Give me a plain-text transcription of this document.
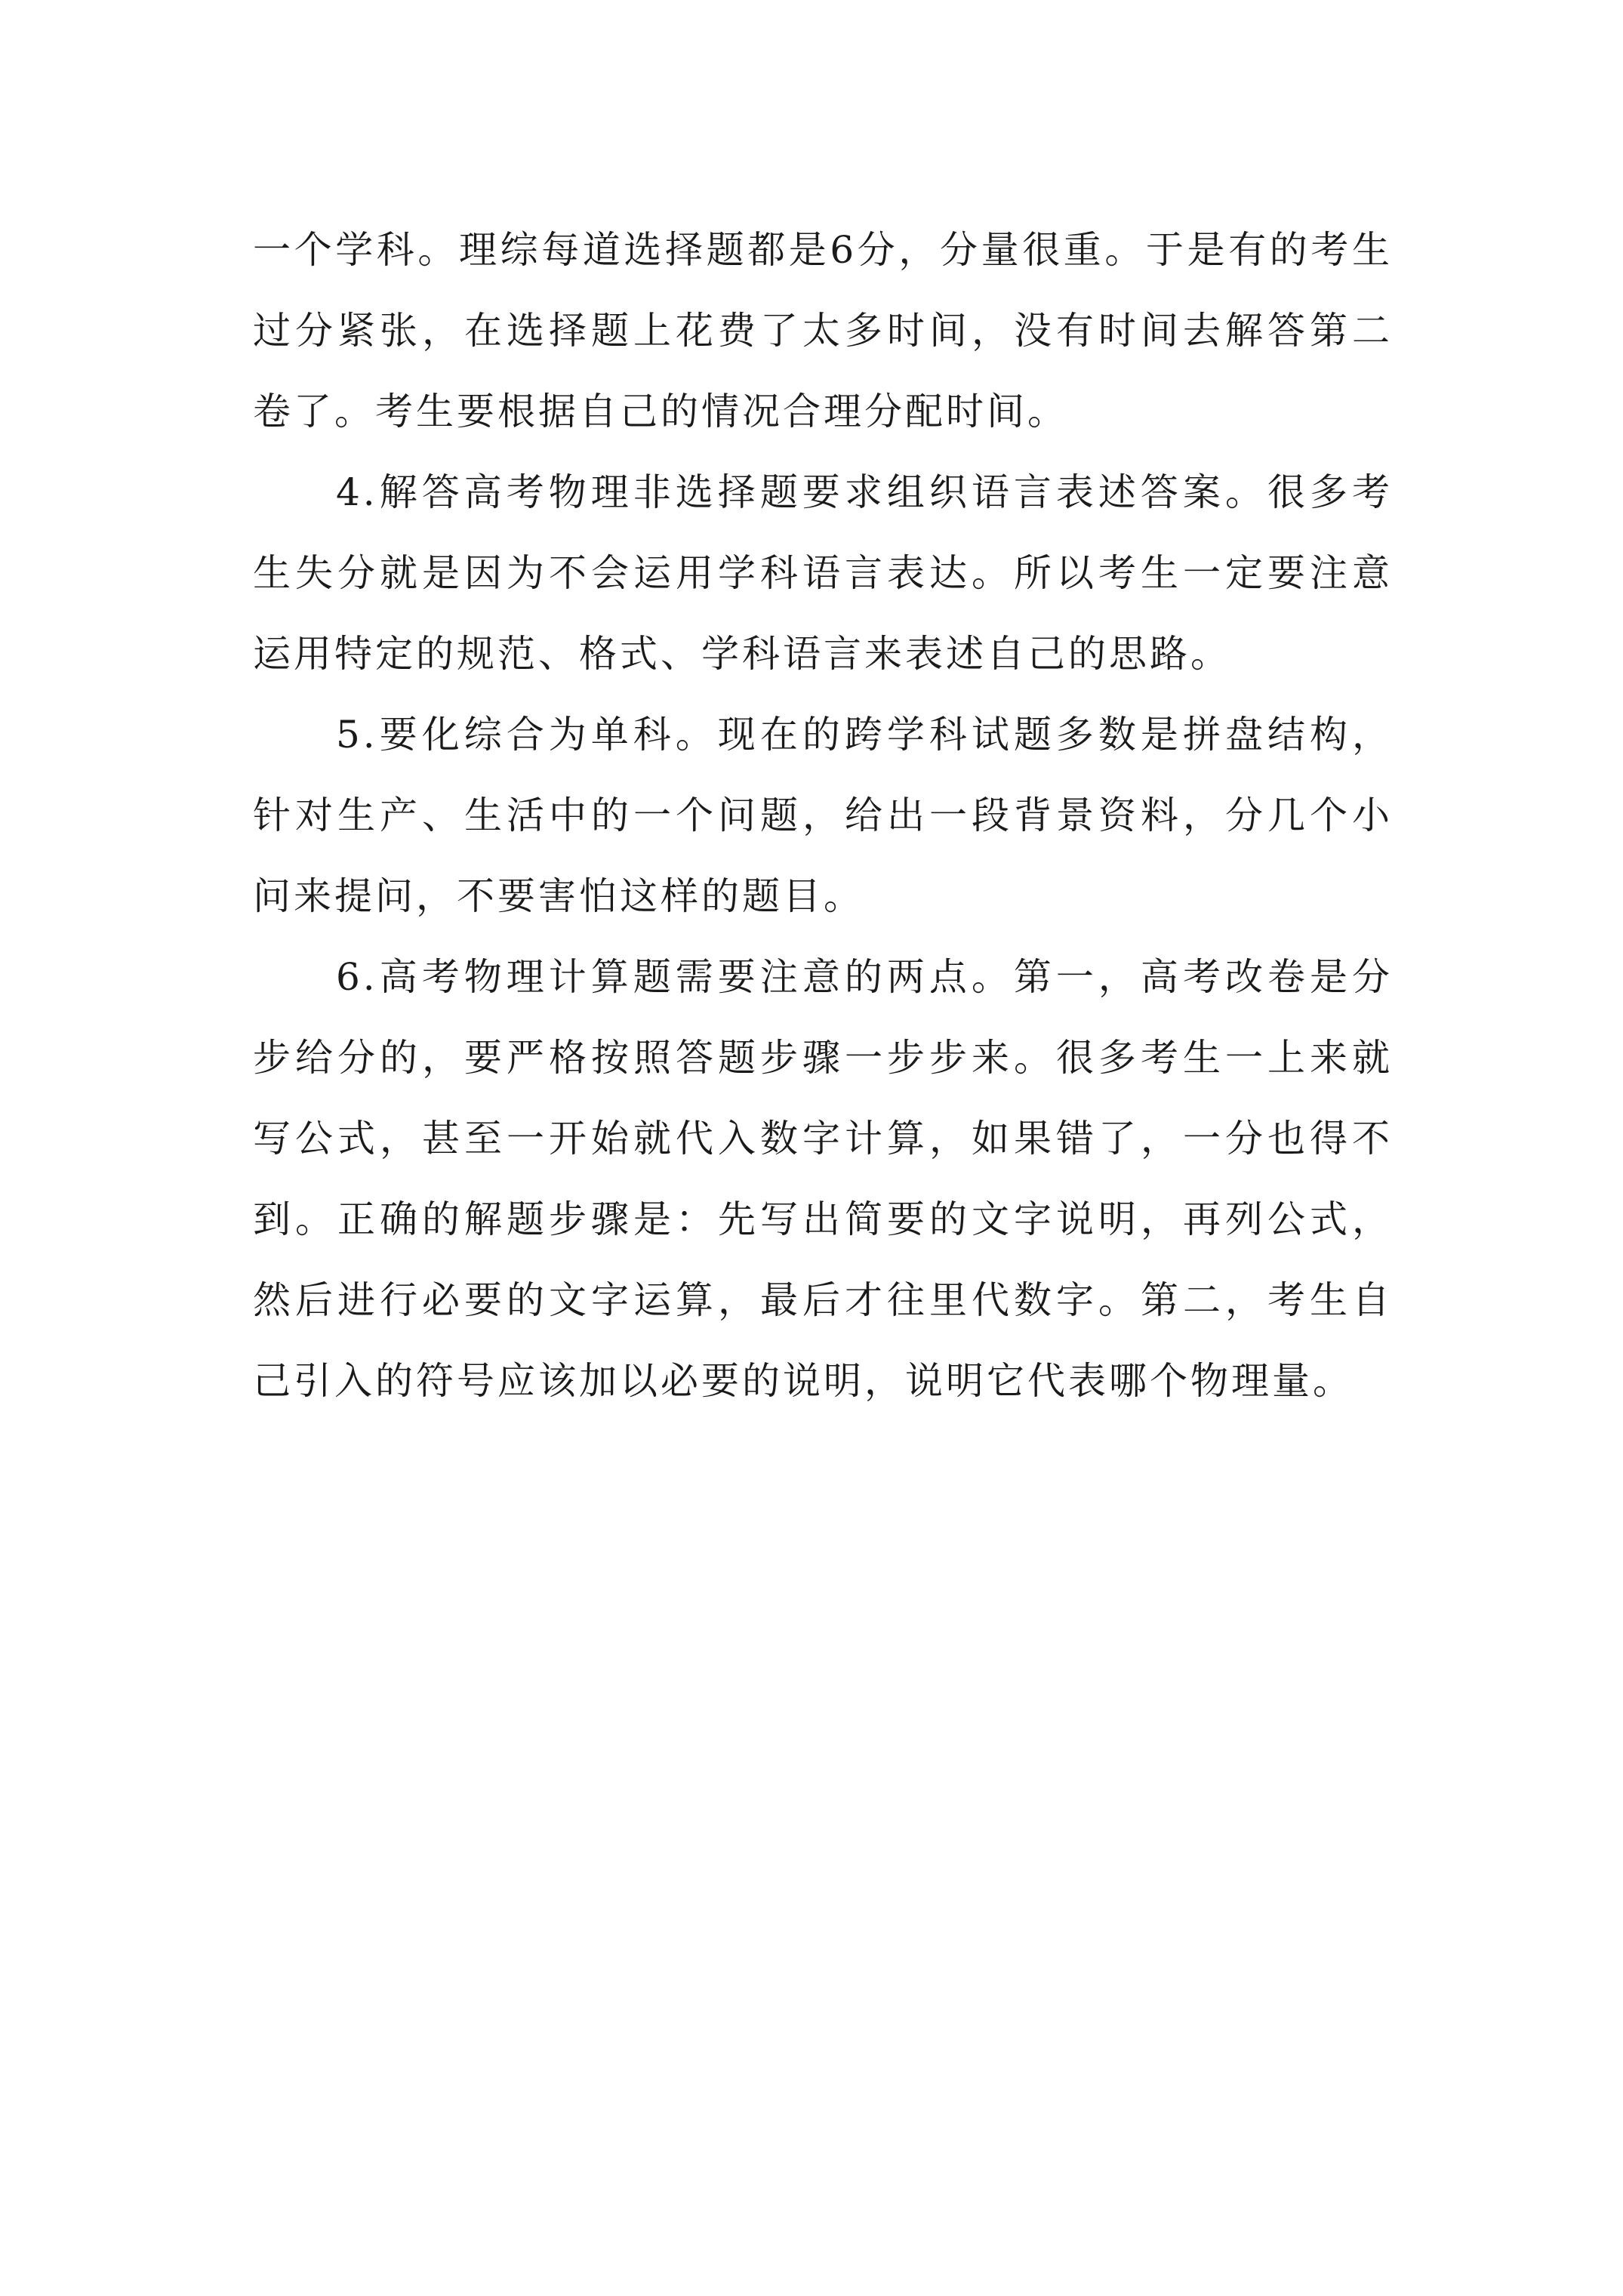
一个学科。理综每道选择题都是6分，分量很重。于是有的考生过分紧张，在选择题上花费了太多时间，没有时间去解答第二卷了。考生要根据自己的情况合理分配时间。

4.解答高考物理非选择题要求组织语言表述答案。很多考生失分就是因为不会运用学科语言表达。所以考生一定要注意运用特定的规范、格式、学科语言来表述自己的思路。

5.要化综合为单科。现在的跨学科试题多数是拼盘结构，针对生产、生活中的一个问题，给出一段背景资料，分几个小问来提问，不要害怕这样的题目。

6.高考物理计算题需要注意的两点。第一，高考改卷是分步给分的，要严格按照答题步骤一步步来。很多考生一上来就写公式，甚至一开始就代入数字计算，如果错了，一分也得不到。正确的解题步骤是：先写出简要的文字说明，再列公式，然后进行必要的文字运算，最后才往里代数字。第二，考生自己引入的符号应该加以必要的说明，说明它代表哪个物理量。
